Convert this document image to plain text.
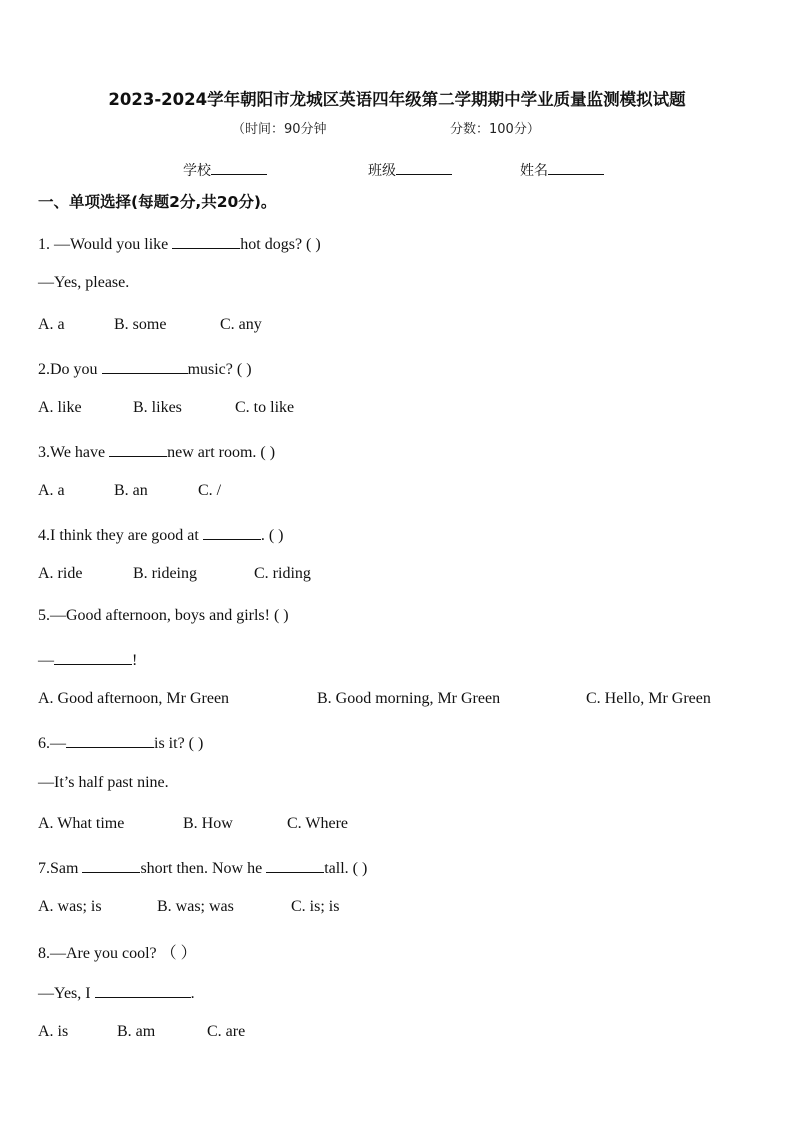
2023-2024学年朝阳市龙城区英语四年级第二学期期中学业质量监测模拟试题
（时间：90分钟	分数：100分）
学校	班级	姓名
一、单项选择(每题2分,共20分)。
1. —Would you like	hot dogs? ( )
—Yes, please.
A. a	B. some	C. any
2.Do you	music? ( )
A. like	B. likes	C. to like
3.We have	new art room. ( )
A. a	B. an	C. /
4.I think they are good at	. ( )
A. ride	B. rideing	C. riding
5.—Good afternoon, boys and girls! ( )
—	!
A. Good afternoon, Mr Green	B. Good morning, Mr Green	C. Hello, Mr Green
6.—	is it? ( )
—It’s half past nine.
A. What time	B. How	C. Where
7.Sam	short then. Now he	tall. ( )
A. was; is	B. was; was	C. is; is
8.—Are you cool? （ ）
—Yes, I	.
A. is	B. am	C. are
